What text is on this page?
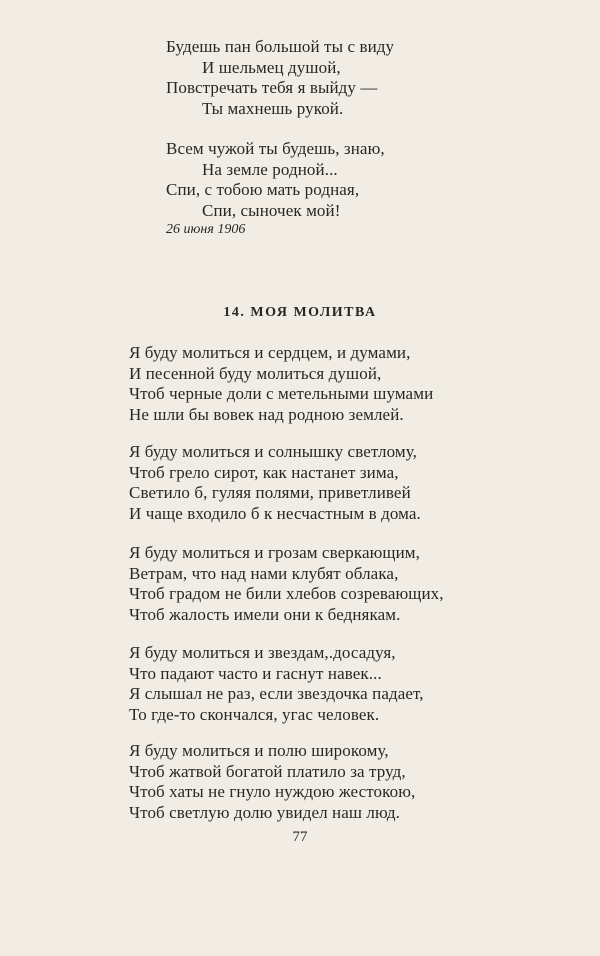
Будешь пан большой ты с виду
И шельмец душой,
Повстречать тебя я выйду —
Ты махнешь рукой.
Всем чужой ты будешь, знаю,
На земле родной...
Спи, с тобою мать родная,
Спи, сыночек мой!
26 июня 1906
14. МОЯ МОЛИТВА
Я буду молиться и сердцем, и думами,
И песенной буду молиться душой,
Чтоб черные доли с метельными шумами
Не шли бы вовек над родною землей.
Я буду молиться и солнышку светлому,
Чтоб грело сирот, как настанет зима,
Светило б, гуляя полями, приветливей
И чаще входило б к несчастным в дома.
Я буду молиться и грозам сверкающим,
Ветрам, что над нами клубят облака,
Чтоб градом не били хлебов созревающих,
Чтоб жалость имели они к беднякам.
Я буду молиться и звездам,.досадуя,
Что падают часто и гаснут навек...
Я слышал не раз, если звездочка падает,
То где-то скончался, угас человек.
Я буду молиться и полю широкому,
Чтоб жатвой богатой платило за труд,
Чтоб хаты не гнуло нуждою жестокою,
Чтоб светлую долю увидел наш люд.
77
